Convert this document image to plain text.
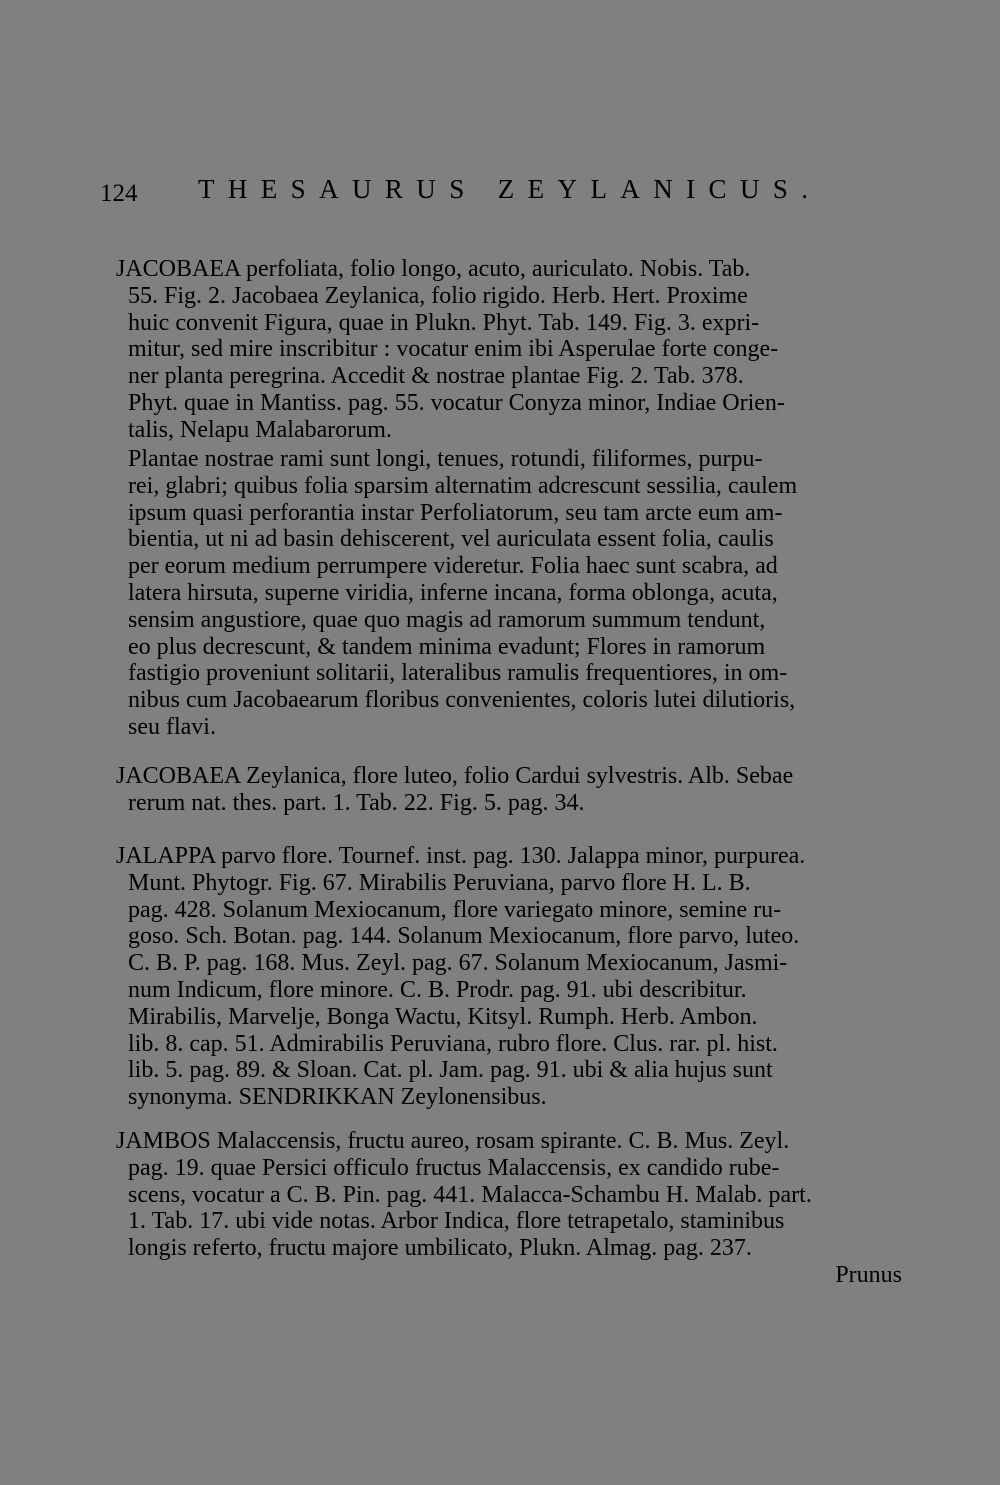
124 THESAURUS ZEYLANICUS.
JACOBAEA perfoliata, folio longo, acuto, auriculato. Nobis. Tab.
55. Fig. 2. Jacobaea Zeylanica, folio rigido. Herb. Hert. Proxime
huic convenit Figura, quae in Plukn. Phyt. Tab. 149. Fig. 3. expri-
mitur, sed mire inscribitur : vocatur enim ibi Asperulae forte conge-
ner planta peregrina. Accedit & nostrae plantae Fig. 2. Tab. 378.
Phyt. quae in Mantiss. pag. 55. vocatur Conyza minor, Indiae Orien-
talis, Nelapu Malabarorum.
Plantae nostrae rami sunt longi, tenues, rotundi, filiformes, purpu-
rei, glabri; quibus folia sparsim alternatim adcrescunt sessilia, caulem
ipsum quasi perforantia instar Perfoliatorum, seu tam arcte eum am-
bientia, ut ni ad basin dehiscerent, vel auriculata essent folia, caulis
per eorum medium perrumpere videretur. Folia haec sunt scabra, ad
latera hirsuta, superne viridia, inferne incana, forma oblonga, acuta,
sensim angustiore, quae quo magis ad ramorum summum tendunt,
eo plus decrescunt, & tandem minima evadunt; Flores in ramorum
fastigio proveniunt solitarii, lateralibus ramulis frequentiores, in om-
nibus cum Jacobaearum floribus convenientes, coloris lutei dilutioris,
seu flavi.
JACOBAEA Zeylanica, flore luteo, folio Cardui sylvestris. Alb. Sebae
rerum nat. thes. part. 1. Tab. 22. Fig. 5. pag. 34.
JALAPPA parvo flore. Tournef. inst. pag. 130. Jalappa minor, purpurea.
Munt. Phytogr. Fig. 67. Mirabilis Peruviana, parvo flore H. L. B.
pag. 428. Solanum Mexiocanum, flore variegato minore, semine ru-
goso. Sch. Botan. pag. 144. Solanum Mexiocanum, flore parvo, luteo.
C. B. P. pag. 168. Mus. Zeyl. pag. 67. Solanum Mexiocanum, Jasmi-
num Indicum, flore minore. C. B. Prodr. pag. 91. ubi describitur.
Mirabilis, Marvelje, Bonga Wactu, Kitsyl. Rumph. Herb. Ambon.
lib. 8. cap. 51. Admirabilis Peruviana, rubro flore. Clus. rar. pl. hist.
lib. 5. pag. 89. & Sloan. Cat. pl. Jam. pag. 91. ubi & alia hujus sunt
synonyma. SENDRIKKAN Zeylonensibus.
JAMBOS Malaccensis, fructu aureo, rosam spirante. C. B. Mus. Zeyl.
pag. 19. quae Persici officulo fructus Malaccensis, ex candido rube-
scens, vocatur a C. B. Pin. pag. 441. Malacca-Schambu H. Malab. part.
1. Tab. 17. ubi vide notas. Arbor Indica, flore tetrapetalo, staminibus
longis referto, fructu majore umbilicato, Plukn. Almag. pag. 237.
Prunus
